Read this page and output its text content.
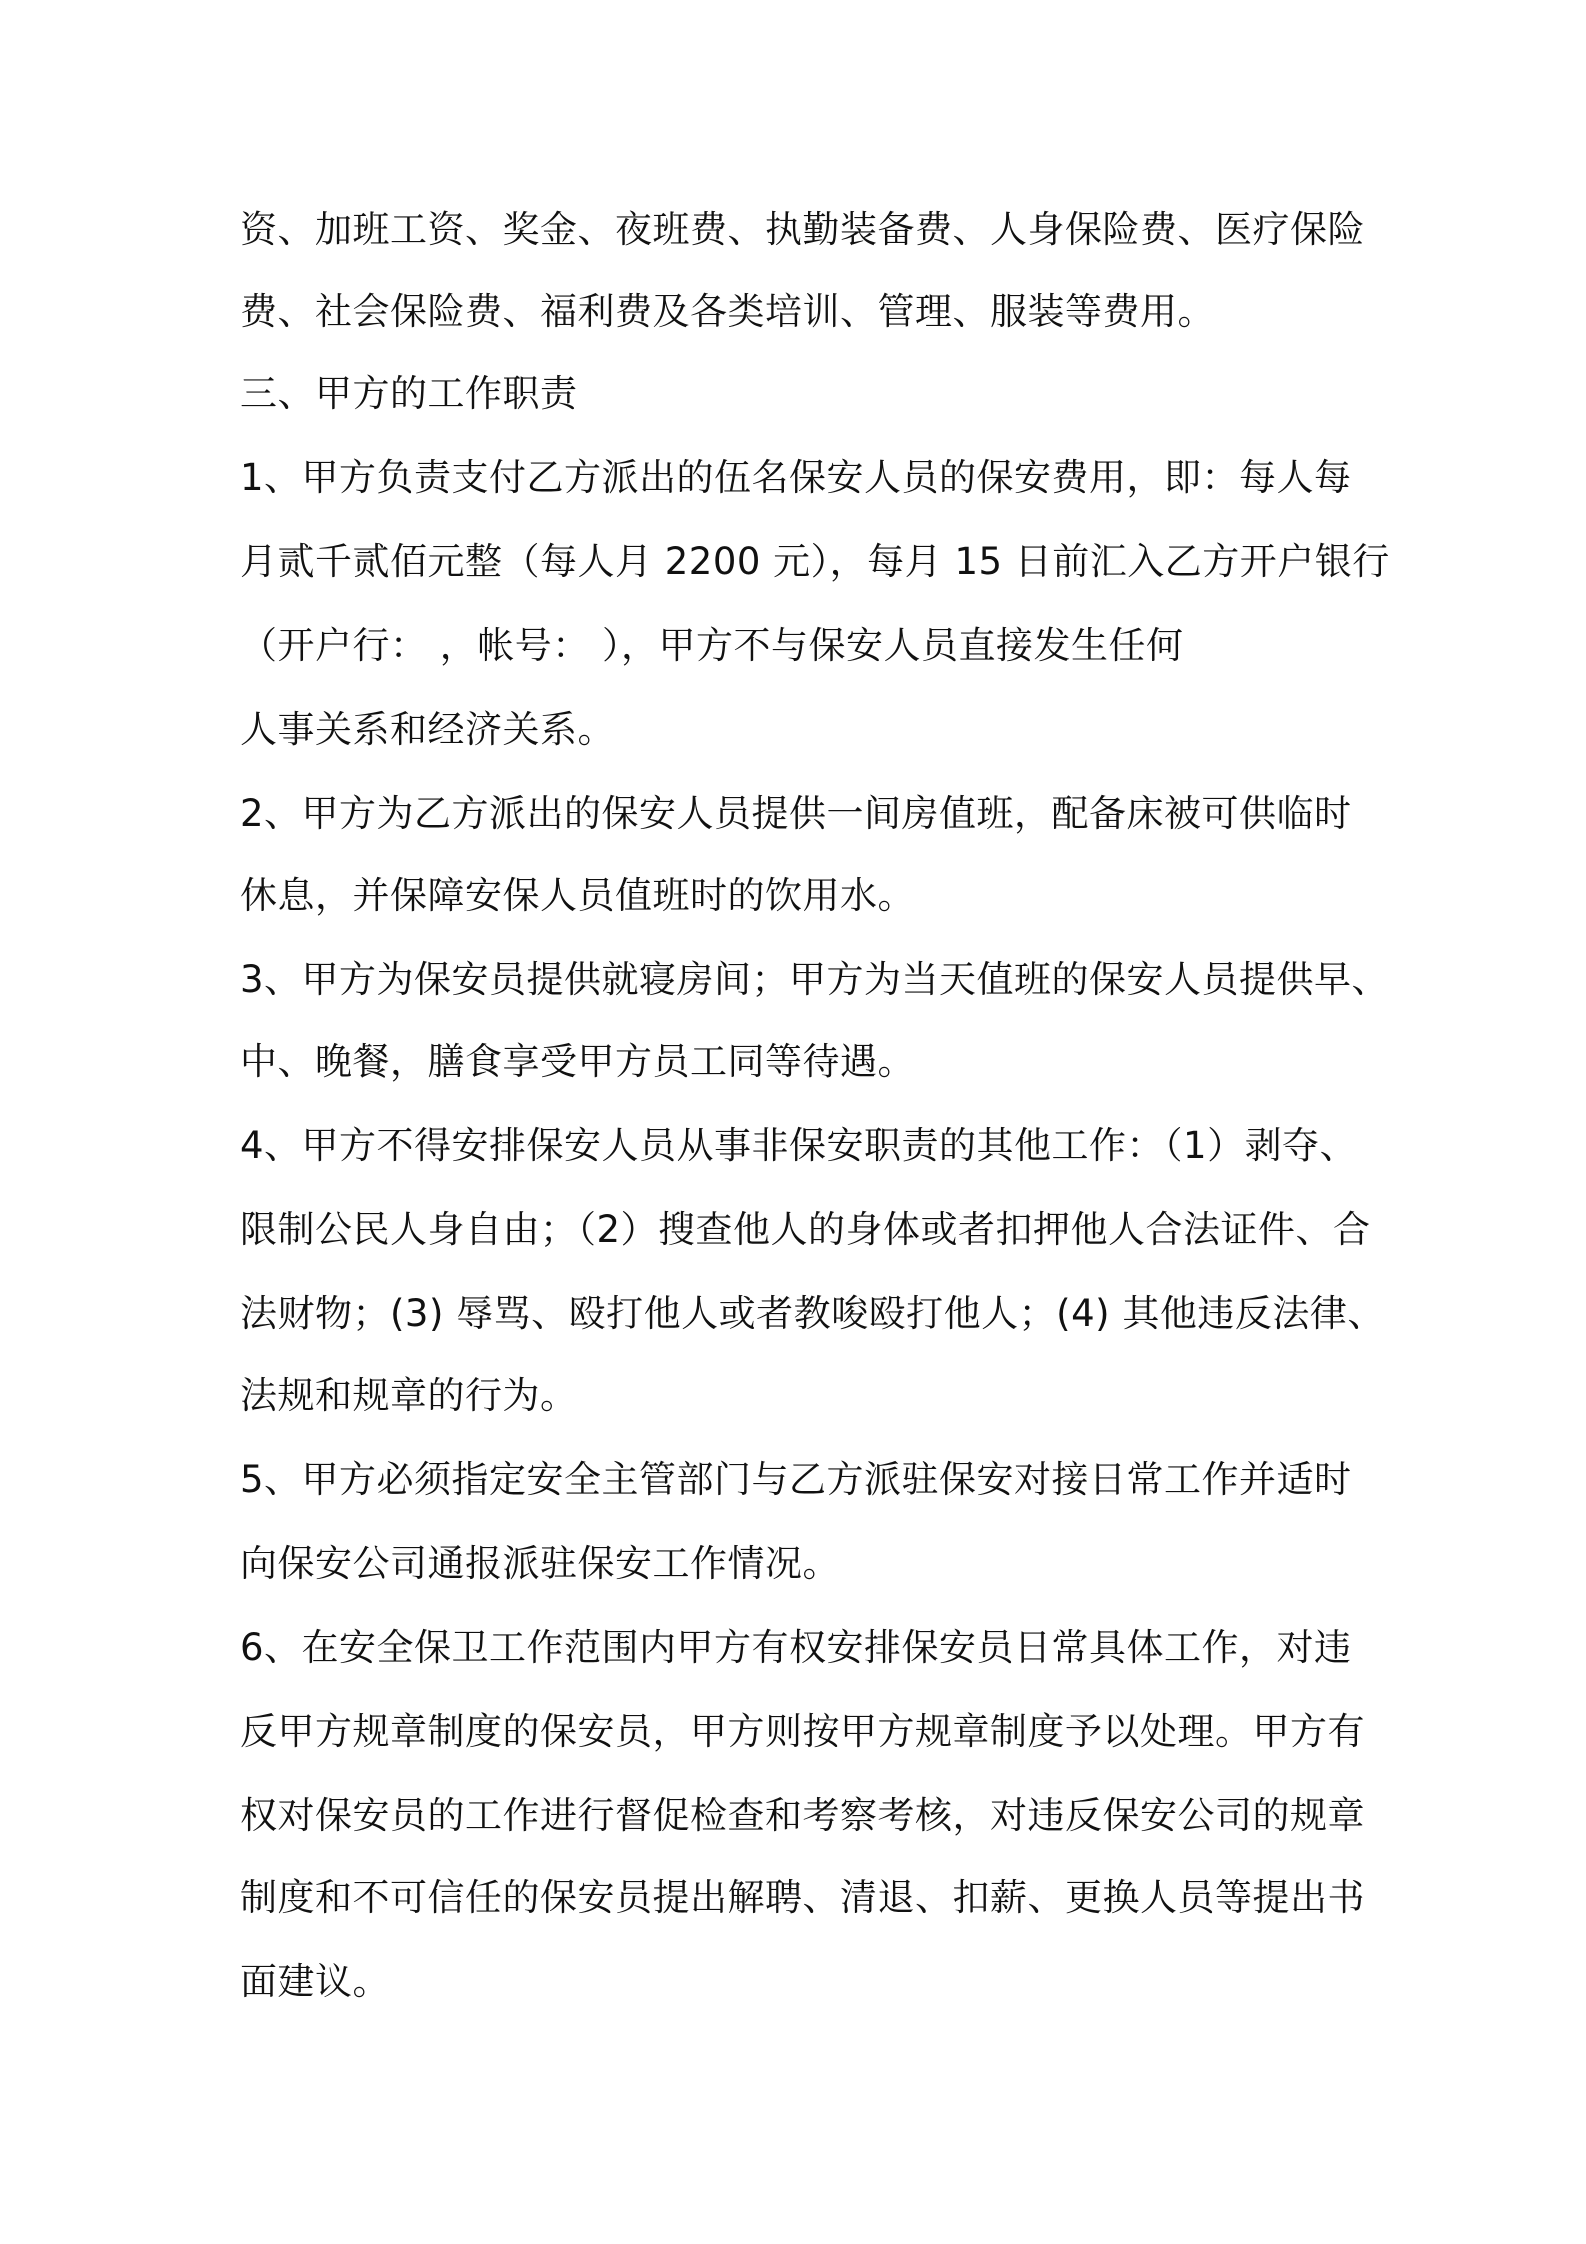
资、加班工资、奖金、夜班费、执勤装备费、人身保险费、医疗保险
费、社会保险费、福利费及各类培训、管理、服装等费用。
三、甲方的工作职责
1、甲方负责支付乙方派出的伍名保安人员的保安费用，即：每人每
月贰千贰佰元整（每人月 2200 元），每月 15 日前汇入乙方开户银行
（开户行： ，帐号： ），甲方不与保安人员直接发生任何
人事关系和经济关系。
2、甲方为乙方派出的保安人员提供一间房值班，配备床被可供临时
休息，并保障安保人员值班时的饮用水。
3、甲方为保安员提供就寝房间；甲方为当天值班的保安人员提供早、
中、晚餐，膳食享受甲方员工同等待遇。
4、甲方不得安排保安人员从事非保安职责的其他工作：（1）剥夺、
限制公民人身自由；（2）搜查他人的身体或者扣押他人合法证件、合
法财物；(3) 辱骂、殴打他人或者教唆殴打他人；(4) 其他违反法律、
法规和规章的行为。
5、甲方必须指定安全主管部门与乙方派驻保安对接日常工作并适时
向保安公司通报派驻保安工作情况。
6、在安全保卫工作范围内甲方有权安排保安员日常具体工作，对违
反甲方规章制度的保安员，甲方则按甲方规章制度予以处理。甲方有
权对保安员的工作进行督促检查和考察考核，对违反保安公司的规章
制度和不可信任的保安员提出解聘、清退、扣薪、更换人员等提出书
面建议。
